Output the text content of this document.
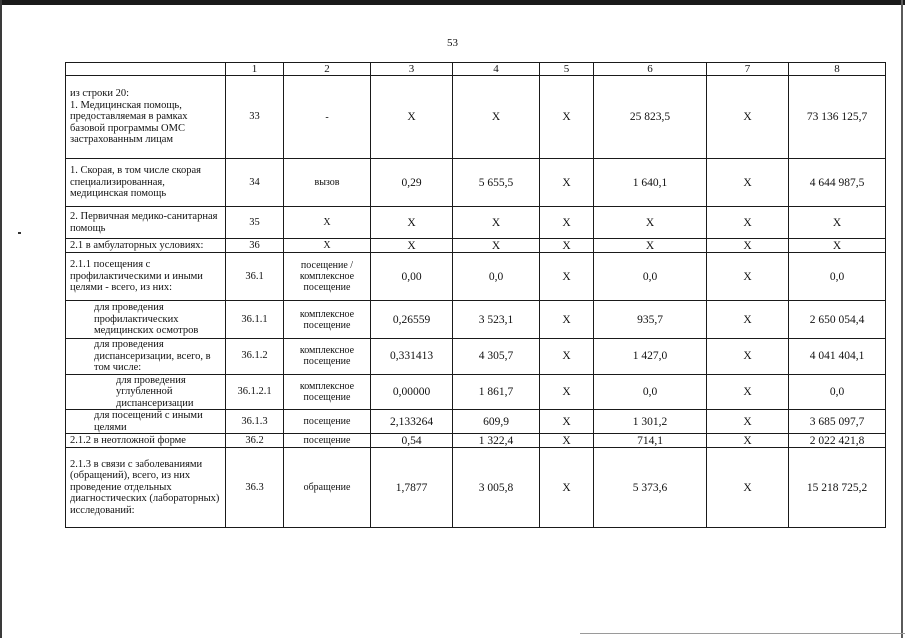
53
	1	2	3	4	5	6	7	8	
из строки 20:
1. Медицинская помощь, предоставляемая в рамках базовой программы ОМС застрахованным лицам	33	-	X	X	X	25 823,5	X	73 136 125,7	
1. Скорая, в том числе скорая специализированная, медицинская помощь	34	вызов	0,29	5 655,5	X	1 640,1	X	4 644 987,5	
2. Первичная медико-санитарная помощь	35	X	X	X	X	X	X	X	
2.1 в амбулаторных условиях:	36	X	X	X	X	X	X	X	
2.1.1 посещения с профилактическими и иными целями - всего, из них:	36.1	посещение / комплексное посещение	0,00	0,0	X	0,0	X	0,0	
для проведения профилактических медицинских осмотров	36.1.1	комплексное посещение	0,26559	3 523,1	X	935,7	X	2 650 054,4	
для проведения диспансеризации, всего, в том числе:	36.1.2	комплексное посещение	0,331413	4 305,7	X	1 427,0	X	4 041 404,1	
для проведения углубленной диспансеризации	36.1.2.1	комплексное посещение	0,00000	1 861,7	X	0,0	X	0,0	
для посещений с иными целями	36.1.3	посещение	2,133264	609,9	X	1 301,2	X	3 685 097,7	
2.1.2 в неотложной форме	36.2	посещение	0,54	1 322,4	X	714,1	X	2 022 421,8	
2.1.3 в связи с заболеваниями (обращений), всего, из них проведение отдельных диагностических (лабораторных) исследований:	36.3	обращение	1,7877	3 005,8	X	5 373,6	X	15 218 725,2	
